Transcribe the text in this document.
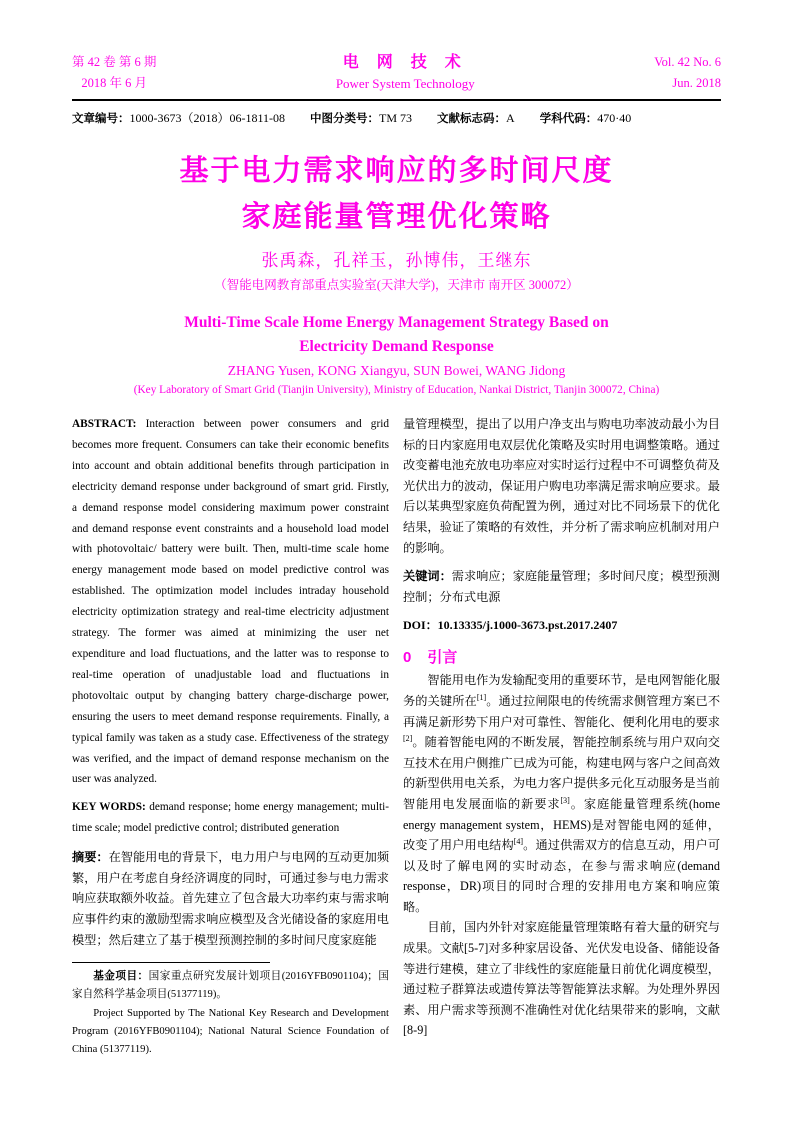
第 42 卷 第 6 期
2018 年 6 月
电 网 技 术
Power System Technology
Vol. 42 No. 6
Jun. 2018
文章编号：1000-3673（2018）06-1811-08 中图分类号：TM 73 文献标志码：A 学科代码：470·40
基于电力需求响应的多时间尺度
家庭能量管理优化策略
张禹森，孔祥玉，孙博伟，王继东
（智能电网教育部重点实验室(天津大学)，天津市 南开区 300072）
Multi-Time Scale Home Energy Management Strategy Based on
Electricity Demand Response
ZHANG Yusen, KONG Xiangyu, SUN Bowei, WANG Jidong
(Key Laboratory of Smart Grid (Tianjin University), Ministry of Education, Nankai District, Tianjin 300072, China)

ABSTRACT: Interaction between power consumers and grid becomes more frequent. Consumers can take their economic benefits into account and obtain additional benefits through participation in electricity demand response under background of smart grid. Firstly, a demand response model considering maximum power constraint and demand response event constraints and a household load model with photovoltaic/ battery were built. Then, multi-time scale home energy management mode based on model predictive control was established. The optimization model includes intraday household electricity optimization strategy and real-time electricity adjustment strategy. The former was aimed at minimizing the user net expenditure and load fluctuations, and the latter was to response to real-time operation of unadjustable load and fluctuations in photovoltaic output by changing battery charge-discharge power, ensuring the users to meet demand response requirements. Finally, a typical family was taken as a study case. Effectiveness of the strategy was verified, and the impact of demand response mechanism on the user was analyzed.

KEY WORDS: demand response; home energy management; multi-time scale; model predictive control; distributed generation

摘要：在智能用电的背景下，电力用户与电网的互动更加频繁，用户在考虑自身经济调度的同时，可通过参与电力需求响应获取额外收益。首先建立了包含最大功率约束与需求响应事件约束的激励型需求响应模型及含光储设备的家庭用电模型；然后建立了基于模型预测控制的多时间尺度家庭能

基金项目：国家重点研究发展计划项目(2016YFB0901104)；国家自然科学基金项目(51377119)。

Project Supported by The National Key Research and Development Program (2016YFB0901104); National Natural Science Foundation of China (51377119).

量管理模型，提出了以用户净支出与购电功率波动最小为目标的日内家庭用电双层优化策略及实时用电调整策略。通过改变蓄电池充放电功率应对实时运行过程中不可调整负荷及光伏出力的波动，保证用户购电功率满足需求响应要求。最后以某典型家庭负荷配置为例，通过对比不同场景下的优化结果，验证了策略的有效性，并分析了需求响应机制对用户的影响。

关键词：需求响应；家庭能量管理；多时间尺度；模型预测控制；分布式电源

DOI：10.13335/j.1000-3673.pst.2017.2407

0 引言

智能用电作为发输配变用的重要环节，是电网智能化服务的关键所在[1]。通过拉闸限电的传统需求侧管理方案已不再满足新形势下用户对可靠性、智能化、便利化用电的要求[2]。随着智能电网的不断发展，智能控制系统与用户双向交互技术在用户侧推广已成为可能，构建电网与客户之间高效的新型供用电关系，为电力客户提供多元化互动服务是当前智能用电发展面临的新要求[3]。家庭能量管理系统(home energy management system，HEMS)是对智能电网的延伸，改变了用户用电结构[4]。通过供需双方的信息互动，用户可以及时了解电网的实时动态，在参与需求响应(demand response，DR)项目的同时合理的安排用电方案和响应策略。

目前，国内外针对家庭能量管理策略有着大量的研究与成果。文献[5-7]对多种家居设备、光伏发电设备、储能设备等进行建模，建立了非线性的家庭能量日前优化调度模型，通过粒子群算法或遗传算法等智能算法求解。为处理外界因素、用户需求等预测不准确性对优化结果带来的影响，文献[8-9]
